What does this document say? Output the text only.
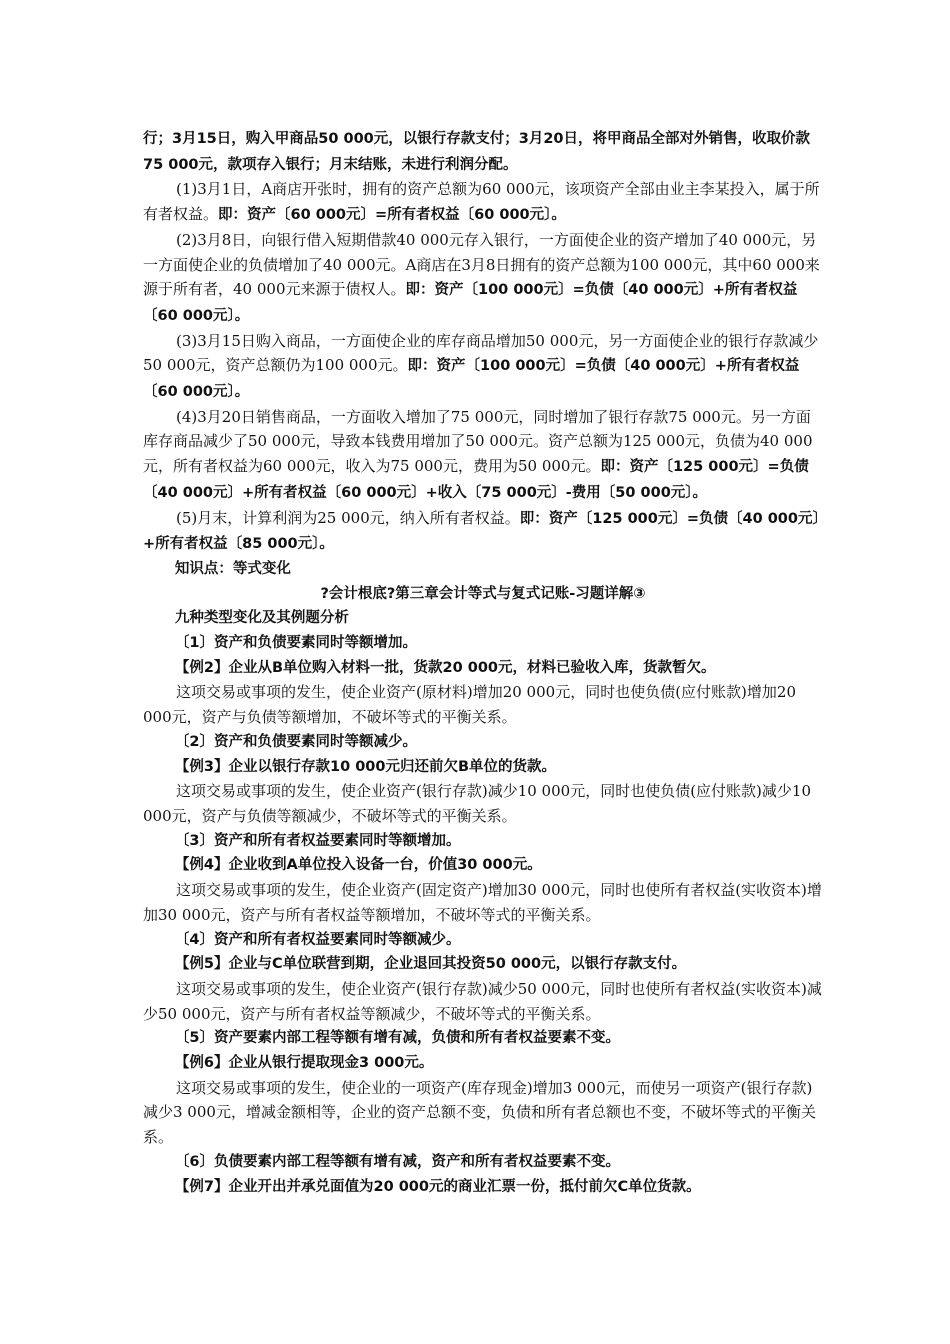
行；3月15日，购入甲商品50 000元，以银行存款支付；3月20日，将甲商品全部对外销售，收取价款75 000元，款项存入银行；月末结账，未进行利润分配。

(1)3月1日，A商店开张时，拥有的资产总额为60 000元，该项资产全部由业主李某投入，属于所有者权益。即：资产〔60 000元〕=所有者权益〔60 000元〕。

(2)3月8日，向银行借入短期借款40 000元存入银行，一方面使企业的资产增加了40 000元，另一方面使企业的负债增加了40 000元。A商店在3月8日拥有的资产总额为100 000元，其中60 000来源于所有者，40 000元来源于债权人。即：资产〔100 000元〕=负债〔40 000元〕+所有者权益〔60 000元〕。

(3)3月15日购入商品，一方面使企业的库存商品增加50 000元，另一方面使企业的银行存款减少50 000元，资产总额仍为100 000元。即：资产〔100 000元〕=负债〔40 000元〕+所有者权益〔60 000元〕。

(4)3月20日销售商品，一方面收入增加了75 000元，同时增加了银行存款75 000元。另一方面库存商品减少了50 000元，导致本钱费用增加了50 000元。资产总额为125 000元，负债为40 000元，所有者权益为60 000元，收入为75 000元，费用为50 000元。即：资产〔125 000元〕=负债〔40 000元〕+所有者权益〔60 000元〕+收入〔75 000元〕-费用〔50 000元〕。

(5)月末，计算利润为25 000元，纳入所有者权益。即：资产〔125 000元〕=负债〔40 000元〕+所有者权益〔85 000元〕。

知识点：等式变化

?会计根底?第三章会计等式与复式记账-习题详解③

九种类型变化及其例题分析

〔1〕资产和负债要素同时等额增加。

【例2】企业从B单位购入材料一批，货款20 000元，材料已验收入库，货款暂欠。

这项交易或事项的发生，使企业资产(原材料)增加20 000元，同时也使负债(应付账款)增加20 000元，资产与负债等额增加，不破坏等式的平衡关系。

〔2〕资产和负债要素同时等额减少。

【例3】企业以银行存款10 000元归还前欠B单位的货款。

这项交易或事项的发生，使企业资产(银行存款)减少10 000元，同时也使负债(应付账款)减少10 000元，资产与负债等额减少，不破坏等式的平衡关系。

〔3〕资产和所有者权益要素同时等额增加。

【例4】企业收到A单位投入设备一台，价值30 000元。

这项交易或事项的发生，使企业资产(固定资产)增加30 000元，同时也使所有者权益(实收资本)增加30 000元，资产与所有者权益等额增加，不破坏等式的平衡关系。

〔4〕资产和所有者权益要素同时等额减少。

【例5】企业与C单位联营到期，企业退回其投资50 000元，以银行存款支付。

这项交易或事项的发生，使企业资产(银行存款)减少50 000元，同时也使所有者权益(实收资本)减少50 000元，资产与所有者权益等额减少，不破坏等式的平衡关系。

〔5〕资产要素内部工程等额有增有减，负债和所有者权益要素不变。

【例6】企业从银行提取现金3 000元。

这项交易或事项的发生，使企业的一项资产(库存现金)增加3 000元，而使另一项资产(银行存款)减少3 000元，增减金额相等，企业的资产总额不变，负债和所有者总额也不变，不破坏等式的平衡关系。

〔6〕负债要素内部工程等额有增有减，资产和所有者权益要素不变。

【例7】企业开出并承兑面值为20 000元的商业汇票一份，抵付前欠C单位货款。
